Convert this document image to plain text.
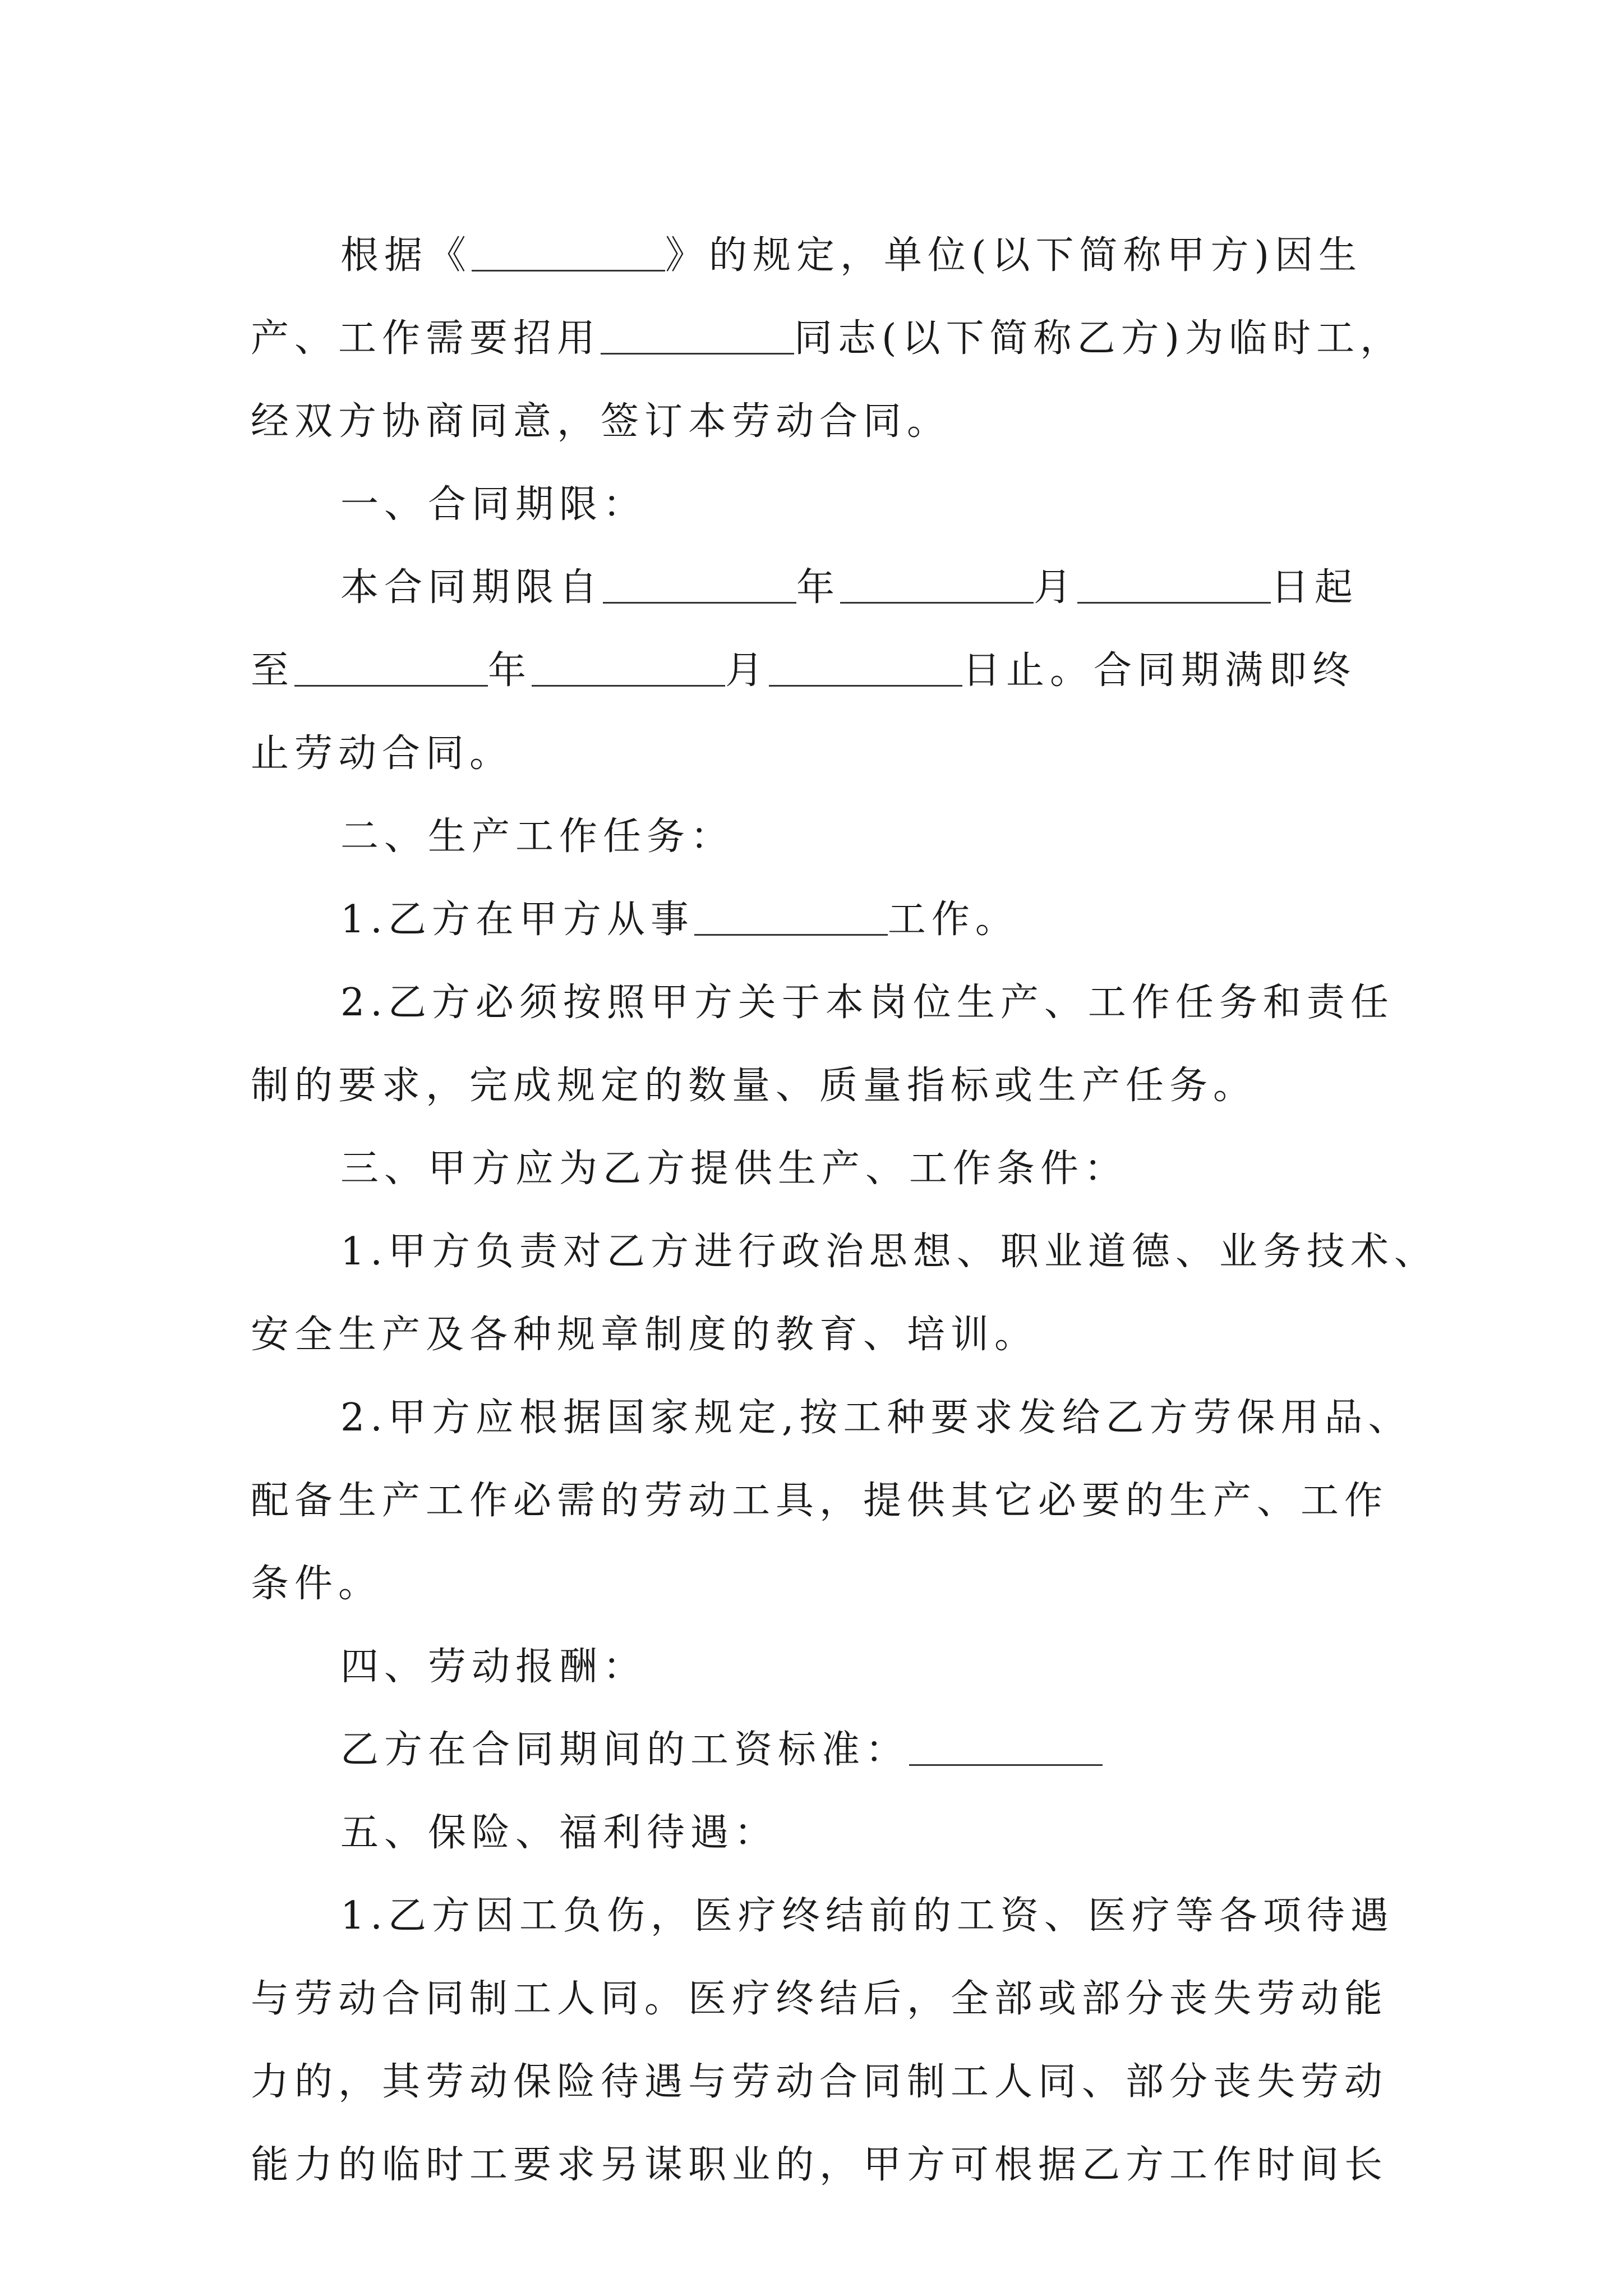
根据《	》的规定，单位(以下简称甲方)因生
产、工作需要招用	同志(以下简称乙方)为临时工，
经双方协商同意，签订本劳动合同。
一、合同期限：
本合同期限自	年	月	日起
至	年	月	日止。合同期满即终
止劳动合同。
二、生产工作任务：
1.乙方在甲方从事	工作。
2.乙方必须按照甲方关于本岗位生产、工作任务和责任
制的要求，完成规定的数量、质量指标或生产任务。
三、甲方应为乙方提供生产、工作条件：
1.甲方负责对乙方进行政治思想、职业道德、业务技术、
安全生产及各种规章制度的教育、培训。
2.甲方应根据国家规定,按工种要求发给乙方劳保用品、
配备生产工作必需的劳动工具，提供其它必要的生产、工作
条件。
四、劳动报酬：
乙方在合同期间的工资标准：
五、保险、福利待遇：
1.乙方因工负伤，医疗终结前的工资、医疗等各项待遇
与劳动合同制工人同。医疗终结后，全部或部分丧失劳动能
力的，其劳动保险待遇与劳动合同制工人同、部分丧失劳动
能力的临时工要求另谋职业的，甲方可根据乙方工作时间长
